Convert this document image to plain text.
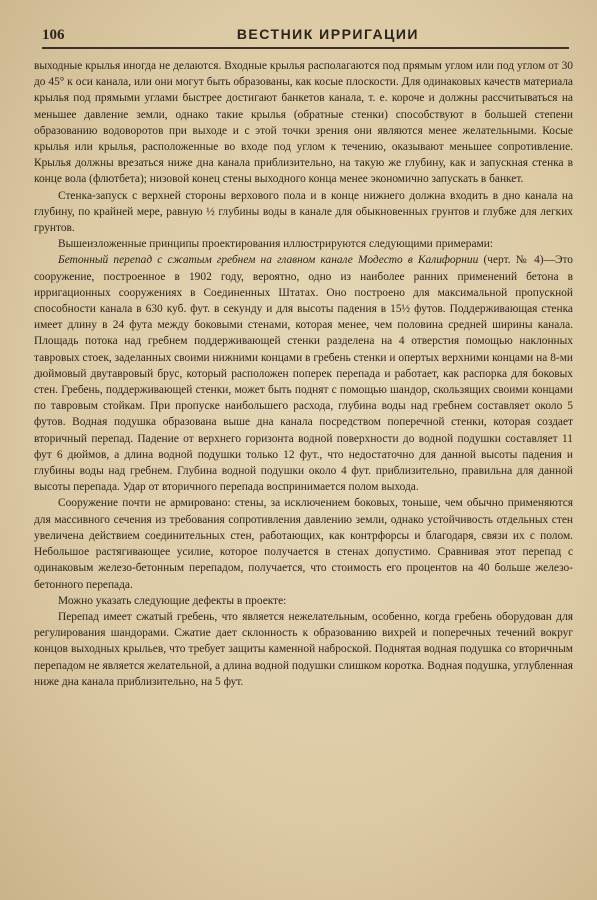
106	ВЕСТНИК ИРРИГАЦИИ

выходные крылья иногда не делаются. Входные крылья располагаются под прямым углом или под углом от 30 до 45° к оси канала, или они могут быть образованы, как косые плоскости. Для одинаковых качеств материала крылья под прямыми углами быстрее достигают банкетов канала, т. е. короче и должны рассчитываться на меньшее давление земли, однако такие крылья (обратные стенки) способствуют в большей степени образованию водоворотов при выходе и с этой точки зрения они являются менее желательными. Косые крылья или крылья, расположенные во входе под углом к течению, оказывают меньшее сопротивление. Крылья должны врезаться ниже дна канала приблизительно, на такую же глубину, как и запускная стенка в конце вола (флютбета); низовой конец стены выходного конца менее экономично запускать в банкет.

Стенка-запуск с верхней стороны верхового пола и в конце нижнего должна входить в дно канала на глубину, по крайней мере, равную ½ глубины воды в канале для обыкновенных грунтов и глубже для легких грунтов.

Вышеизложенные принципы проектирования иллюстрируются следующими примерами:

Бетонный перепад с сжатым гребнем на главном канале Модесто в Калифорнии (черт. № 4)—Это сооружение, построенное в 1902 году, вероятно, одно из наиболее ранних применений бетона в ирригационных сооружениях в Соединенных Штатах. Оно построено для максимальной пропускной способности канала в 630 куб. фут. в секунду и для высоты падения в 15½ футов. Поддерживающая стенка имеет длину в 24 фута между боковыми стенами, которая менее, чем половина средней ширины канала. Площадь потока над гребнем поддерживающей стенки разделена на 4 отверстия помощью наклонных тавровых стоек, заделанных своими нижними концами в гребень стенки и опертых верхними концами на 8-ми дюймовый двутавровый брус, который расположен поперек перепада и работает, как распорка для боковых стен. Гребень, поддерживающей стенки, может быть поднят с помощью шандор, скользящих своими концами по тавровым стойкам. При пропуске наибольшего расхода, глубина воды над гребнем составляет около 5 футов. Водная подушка образована выше дна канала посредством поперечной стенки, которая создает вторичный перепад. Падение от верхнего горизонта водной поверхности до водной подушки составляет 11 фут 6 дюймов, а длина водной подушки только 12 фут., что недостаточно для данной высоты падения и глубины воды над гребнем. Глубина водной подушки около 4 фут. приблизительно, правильна для данной высоты перепада. Удар от вторичного перепада воспринимается полом выхода.

Сооружение почти не армировано: стены, за исключением боковых, тоньше, чем обычно применяются для массивного сечения из требования сопротивления давлению земли, однако устойчивость отдельных стен увеличена действием соединительных стен, работающих, как контрфорсы и благодаря, связи их с полом. Небольшое растягивающее усилие, которое получается в стенах допустимо. Сравнивая этот перепад с одинаковым железо-бетонным перепадом, получается, что стоимость его процентов на 40 больше железо-бетонного перепада.

Можно указать следующие дефекты в проекте:

Перепад имеет сжатый гребень, что является нежелательным, особенно, когда гребень оборудован для регулирования шандорами. Сжатие дает склонность к образованию вихрей и поперечных течений вокруг концов выходных крыльев, что требует защиты каменной наброской. Поднятая водная подушка со вторичным перепадом не является желательной, а длина водной подушки слишком коротка. Водная подушка, углубленная ниже дна канала приблизительно, на 5 фут.
